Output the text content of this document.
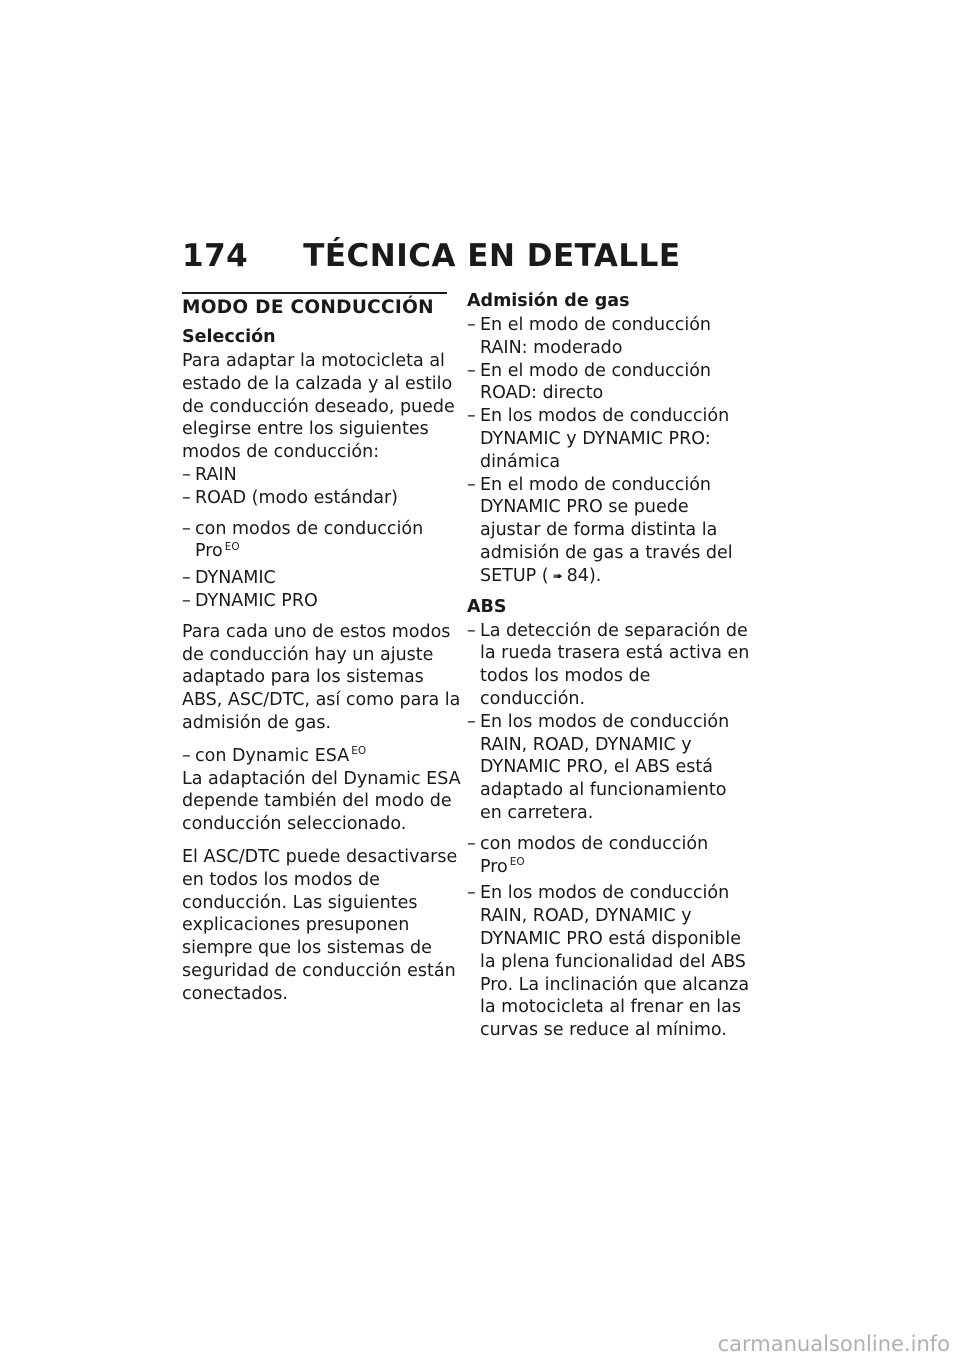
174 TÉCNICA EN DETALLE
MODO DE CONDUCCIÓN
Selección

Para adaptar la motocicleta al estado de la calzada y al estilo de conducción deseado, puede elegirse entre los siguientes modos de conducción:

– RAIN
– ROAD (modo estándar)
– con modos de conducción Pro $^{EO}$
– DYNAMIC
– DYNAMIC PRO

Para cada uno de estos modos de conducción hay un ajuste adaptado para los sistemas ABS, ASC/DTC, así como para la admisión de gas.

– con Dynamic ESA $^{EO}$

La adaptación del Dynamic ESA depende también del modo de conducción seleccionado.

El ASC/DTC puede desactivarse en todos los modos de conducción. Las siguientes explicaciones presuponen siempre que los sistemas de seguridad de conducción están conectados.

Admisión de gas
– En el modo de conducción RAIN: moderado
– En el modo de conducción ROAD: directo
– En los modos de conducción DYNAMIC y DYNAMIC PRO: dinámica
– En el modo de conducción DYNAMIC PRO se puede ajustar de forma distinta la admisión de gas a través del SETUP ( ➠ 84).
ABS
– La detección de separación de la rueda trasera está activa en todos los modos de conducción.
– En los modos de conducción RAIN, ROAD, DYNAMIC y DYNAMIC PRO, el ABS está adaptado al funcionamiento en carretera.
– con modos de conducción Pro $^{EO}$
– En los modos de conducción RAIN, ROAD, DYNAMIC y DYNAMIC PRO está disponible la plena funcionalidad del ABS Pro. La inclinación que alcanza la motocicleta al frenar en las curvas se reduce al mínimo.
carmanualsonline.info
